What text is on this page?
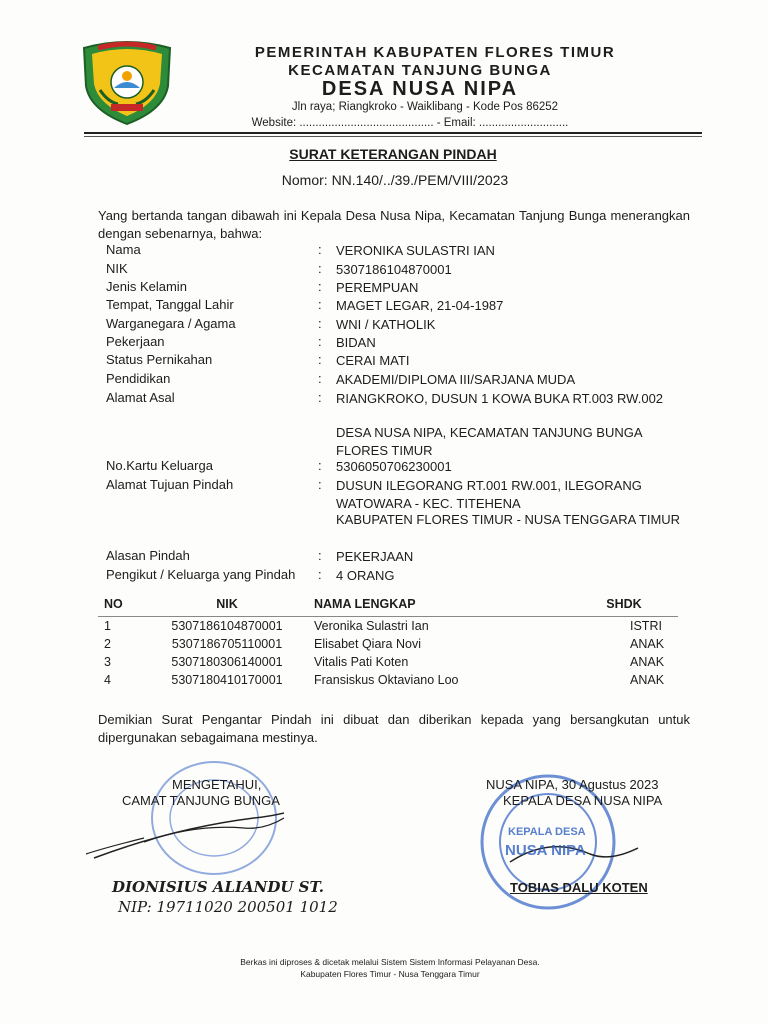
PEMERINTAH KABUPATEN FLORES TIMUR
KECAMATAN TANJUNG BUNGA
DESA NUSA NIPA
Jln raya; Riangkroko - Waiklibang - Kode Pos 86252
Website: .......................................... - Email: ............................
SURAT KETERANGAN PINDAH
Nomor: NN.140/../39./PEM/VIII/2023
Yang bertanda tangan dibawah ini Kepala Desa Nusa Nipa, Kecamatan Tanjung Bunga menerangkan dengan sebenarnya, bahwa:
Nama	: VERONIKA SULASTRI IAN
NIK	: 5307186104870001
Jenis Kelamin	: PEREMPUAN
Tempat, Tanggal Lahir	: MAGET LEGAR, 21-04-1987
Warganegara / Agama	: WNI / KATHOLIK
Pekerjaan	: BIDAN
Status Pernikahan	: CERAI MATI
Pendidikan	: AKADEMI/DIPLOMA III/SARJANA MUDA
Alamat Asal	: RIANGKROKO, DUSUN 1 KOWA BUKA RT.003 RW.002
DESA NUSA NIPA, KECAMATAN TANJUNG BUNGA FLORES TIMUR
No.Kartu Keluarga	: 5306050706230001
Alamat Tujuan Pindah	: DUSUN ILEGORANG RT.001 RW.001, ILEGORANG WATOWARA - KEC. TITEHENA
KABUPATEN FLORES TIMUR - NUSA TENGGARA TIMUR
Alasan Pindah	: PEKERJAAN
Pengikut / Keluarga yang Pindah	: 4 ORANG
NO	NIK	NAMA LENGKAP	SHDK
1	5307186104870001	Veronika Sulastri Ian	ISTRI
2	5307186705110001	Elisabet Qiara Novi	ANAK
3	5307180306140001	Vitalis Pati Koten	ANAK
4	5307180410170001	Fransiskus Oktaviano Loo	ANAK
Demikian Surat Pengantar Pindah ini dibuat dan diberikan kepada yang bersangkutan untuk dipergunakan sebagaimana mestinya.
MENGETAHUI,
CAMAT TANJUNG BUNGA
DIONISIUS ALIANDU ST.
NIP: 19711020 200501 1012
KEPALA DESA
NUSA NIPA
NUSA NIPA, 30 Agustus 2023
KEPALA DESA NUSA NIPA
TOBIAS DALU KOTEN
Berkas ini diproses & dicetak melalui Sistem Sistem Informasi Pelayanan Desa.
Kabupaten Flores Timur - Nusa Tenggara Timur
